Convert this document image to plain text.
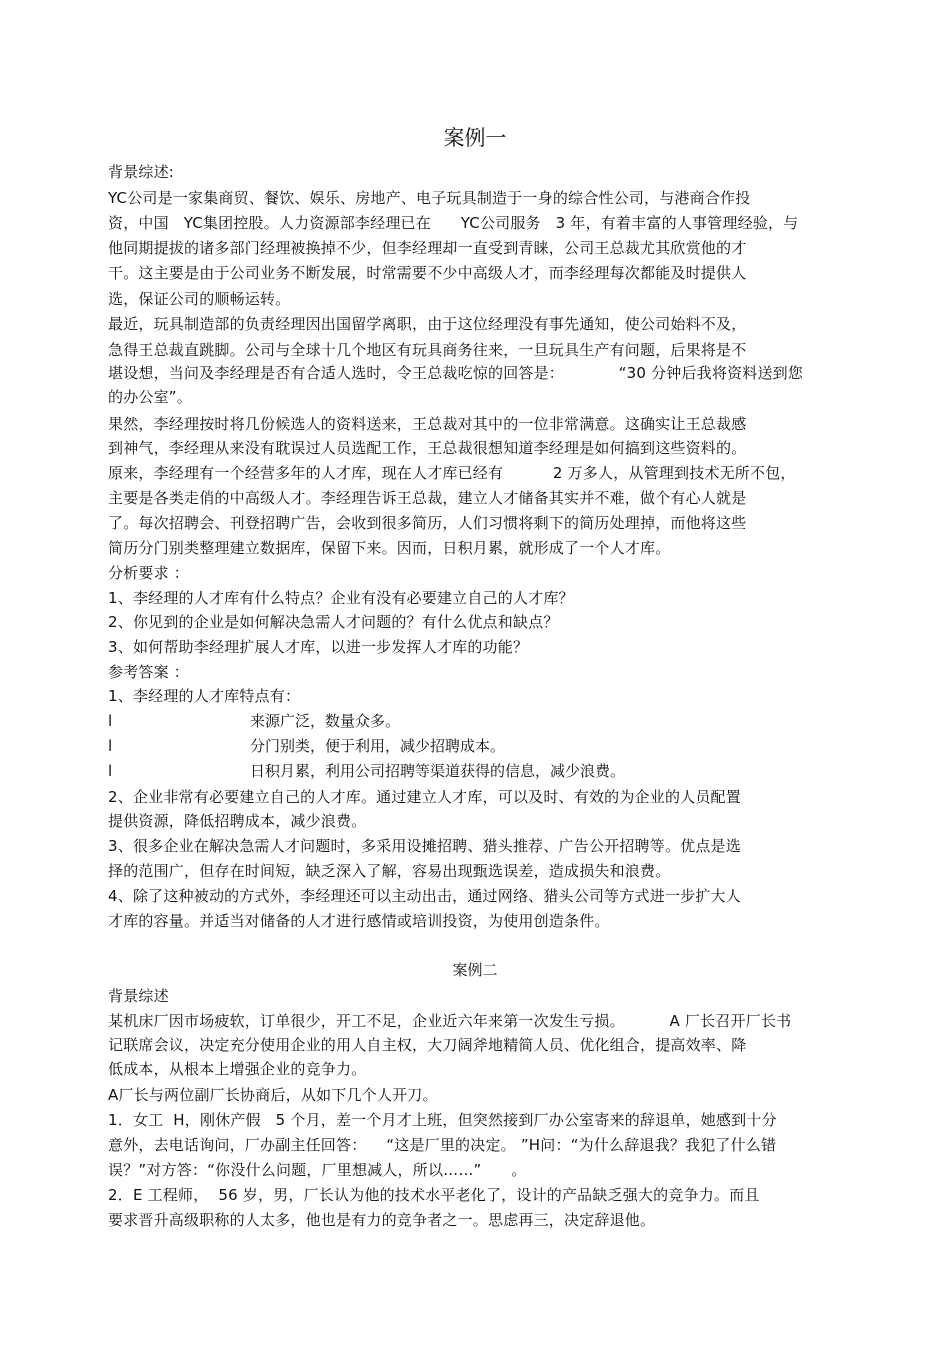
案例一
背景综述:
YC公司是一家集商贸、餐饮、娱乐、房地产、电子玩具制造于一身的综合性公司，与港商合作投
资，中国   YC集团控股。人力资源部李经理已在      YC公司服务   3 年，有着丰富的人事管理经验，与
他同期提拔的诸多部门经理被换掉不少，但李经理却一直受到青睐，公司王总裁尤其欣赏他的才
干。这主要是由于公司业务不断发展，时常需要不少中高级人才，而李经理每次都能及时提供人
选，保证公司的顺畅运转。
最近，玩具制造部的负责经理因出国留学离职，由于这位经理没有事先通知，使公司始料不及，
急得王总裁直跳脚。公司与全球十几个地区有玩具商务往来，一旦玩具生产有问题，后果将是不
堪设想，当问及李经理是否有合适人选时，令王总裁吃惊的回答是：           “30 分钟后我将资料送到您
的办公室”。
果然，李经理按时将几份候选人的资料送来，王总裁对其中的一位非常满意。这确实让王总裁感
到神气，李经理从来没有耽误过人员选配工作，王总裁很想知道李经理是如何搞到这些资料的。
原来，李经理有一个经营多年的人才库，现在人才库已经有          2 万多人，从管理到技术无所不包，
主要是各类走俏的中高级人才。李经理告诉王总裁，建立人才储备其实并不难，做个有心人就是
了。每次招聘会、刊登招聘广告，会收到很多简历，人们习惯将剩下的简历处理掉，而他将这些
简历分门别类整理建立数据库，保留下来。因而，日积月累，就形成了一个人才库。
分析要求 ：
1、李经理的人才库有什么特点？企业有没有必要建立自己的人才库？
2、你见到的企业是如何解决急需人才问题的？有什么优点和缺点？
3、如何帮助李经理扩展人才库，以进一步发挥人才库的功能？
参考答案 ：
1、李经理的人才库特点有：
l	来源广泛，数量众多。
l	分门别类，便于利用，减少招聘成本。
l	日积月累，利用公司招聘等渠道获得的信息，减少浪费。
2、企业非常有必要建立自己的人才库。通过建立人才库，可以及时、有效的为企业的人员配置
提供资源，降低招聘成本，减少浪费。
3、很多企业在解决急需人才问题时，多采用设摊招聘、猎头推荐、广告公开招聘等。优点是选
择的范围广，但存在时间短，缺乏深入了解，容易出现甄选误差，造成损失和浪费。
4、除了这种被动的方式外，李经理还可以主动出击，通过网络、猎头公司等方式进一步扩大人
才库的容量。并适当对储备的人才进行感情或培训投资，为使用创造条件。
案例二
背景综述
某机床厂因市场疲软，订单很少，开工不足，企业近六年来第一次发生亏损。         A 厂长召开厂长书
记联席会议，决定充分使用企业的用人自主权，大刀阔斧地精简人员、优化组合，提高效率、降
低成本，从根本上增强企业的竞争力。
A厂长与两位副厂长协商后，从如下几个人开刀。
1．女工  H，刚休产假   5 个月，差一个月才上班，但突然接到厂办公室寄来的辞退单，她感到十分
意外，去电话询问，厂办副主任回答：    “这是厂里的决定。 ”H问：“为什么辞退我？我犯了什么错
误？”对方答：“你没什么问题，厂里想减人，所以……”      。
2．E 工程师，  56 岁，男，厂长认为他的技术水平老化了，设计的产品缺乏强大的竞争力。而且
要求晋升高级职称的人太多，他也是有力的竞争者之一。思虑再三，决定辞退他。
